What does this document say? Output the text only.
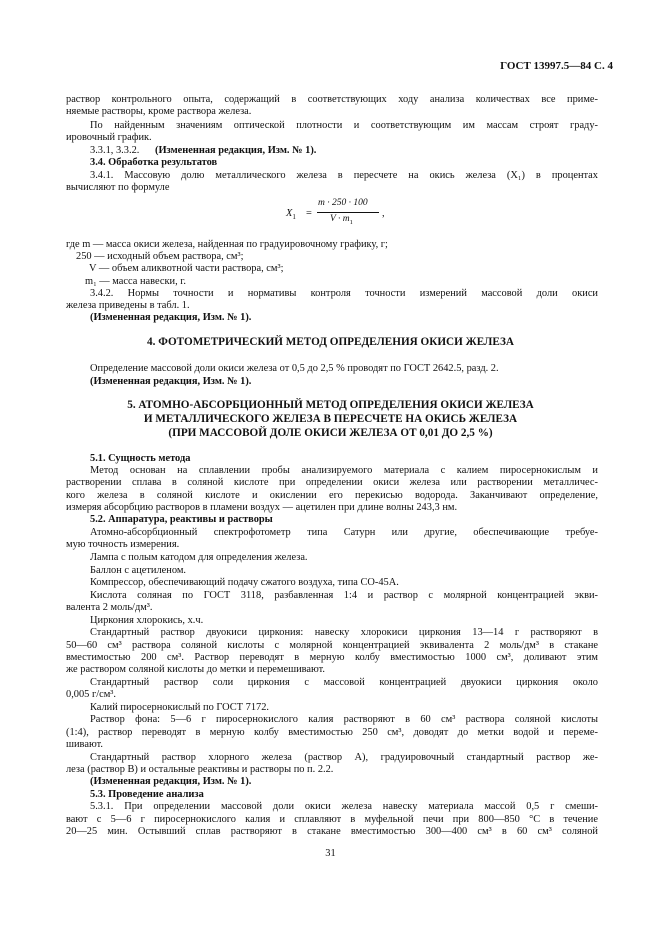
ГОСТ 13997.5—84 С. 4
раствор контрольного опыта, содержащий в соответствующих ходу анализа количествах все приме-
няемые растворы, кроме раствора железа.
По найденным значениям оптической плотности и соответствующим им массам строят граду-
ировочный график.
3.3.1, 3.3.2. (Измененная редакция, Изм. № 1).
3.4. Обработка результатов
3.4.1. Массовую долю металлического железа в пересчете на окись железа (X₁) в процентах
вычисляют по формуле
$X_1$ =
m · 250 · 100
$V \cdot m_1$
,
где m — масса окиси железа, найденная по градуировочному графику, г;
250 — исходный объем раствора, см³;
V — объем аликвотной части раствора, см³;
m₁ — масса навески, г.
3.4.2. Нормы точности и нормативы контроля точности измерений массовой доли окиси
железа приведены в табл. 1.
(Измененная редакция, Изм. № 1).
4. ФОТОМЕТРИЧЕСКИЙ МЕТОД ОПРЕДЕЛЕНИЯ ОКИСИ ЖЕЛЕЗА
Определение массовой доли окиси железа от 0,5 до 2,5 % проводят по ГОСТ 2642.5, разд. 2.
(Измененная редакция, Изм. № 1).
5. АТОМНО-АБСОРБЦИОННЫЙ МЕТОД ОПРЕДЕЛЕНИЯ ОКИСИ ЖЕЛЕЗА
И МЕТАЛЛИЧЕСКОГО ЖЕЛЕЗА В ПЕРЕСЧЕТЕ НА ОКИСЬ ЖЕЛЕЗА
(ПРИ МАССОВОЙ ДОЛЕ ОКИСИ ЖЕЛЕЗА ОТ 0,01 ДО 2,5 %)
5.1. Сущность метода
Метод основан на сплавлении пробы анализируемого материала с калием пиросернокислым и
растворении сплава в соляной кислоте при определении окиси железа или растворении металличес-
кого железа в соляной кислоте и окислении его перекисью водорода. Заканчивают определение,
измеряя абсорбцию растворов в пламени воздух — ацетилен при длине волны 243,3 нм.
5.2. Аппаратура, реактивы и растворы
Атомно-абсорбционный спектрофотометр типа Сатурн или другие, обеспечивающие требуе-
мую точность измерения.
Лампа с полым катодом для определения железа.
Баллон с ацетиленом.
Компрессор, обеспечивающий подачу сжатого воздуха, типа СО-45А.
Кислота соляная по ГОСТ 3118, разбавленная 1:4 и раствор с молярной концентрацией экви-
валента 2 моль/дм³.
Циркония хлорокись, х.ч.
Стандартный раствор двуокиси циркония: навеску хлорокиси циркония 13—14 г растворяют в
50—60 см³ раствора соляной кислоты с молярной концентрацией эквивалента 2 моль/дм³ в стакане
вместимостью 200 см³. Раствор переводят в мерную колбу вместимостью 1000 см³, доливают этим
же раствором соляной кислоты до метки и перемешивают.
Стандартный раствор соли циркония с массовой концентрацией двуокиси циркония около
0,005 г/см³.
Калий пиросернокислый по ГОСТ 7172.
Раствор фона: 5—6 г пиросернокислого калия растворяют в 60 см³ раствора соляной кислоты
(1:4), раствор переводят в мерную колбу вместимостью 250 см³, доводят до метки водой и переме-
шивают.
Стандартный раствор хлорного железа (раствор А), градуировочный стандартный раствор же-
леза (раствор В) и остальные реактивы и растворы по п. 2.2.
(Измененная редакция, Изм. № 1).
5.3. Проведение анализа
5.3.1. При определении массовой доли окиси железа навеску материала массой 0,5 г смеши-
вают с 5—6 г пиросернокислого калия и сплавляют в муфельной печи при 800—850 °С в течение
20—25 мин. Остывший сплав растворяют в стакане вместимостью 300—400 см³ в 60 см³ соляной
31
